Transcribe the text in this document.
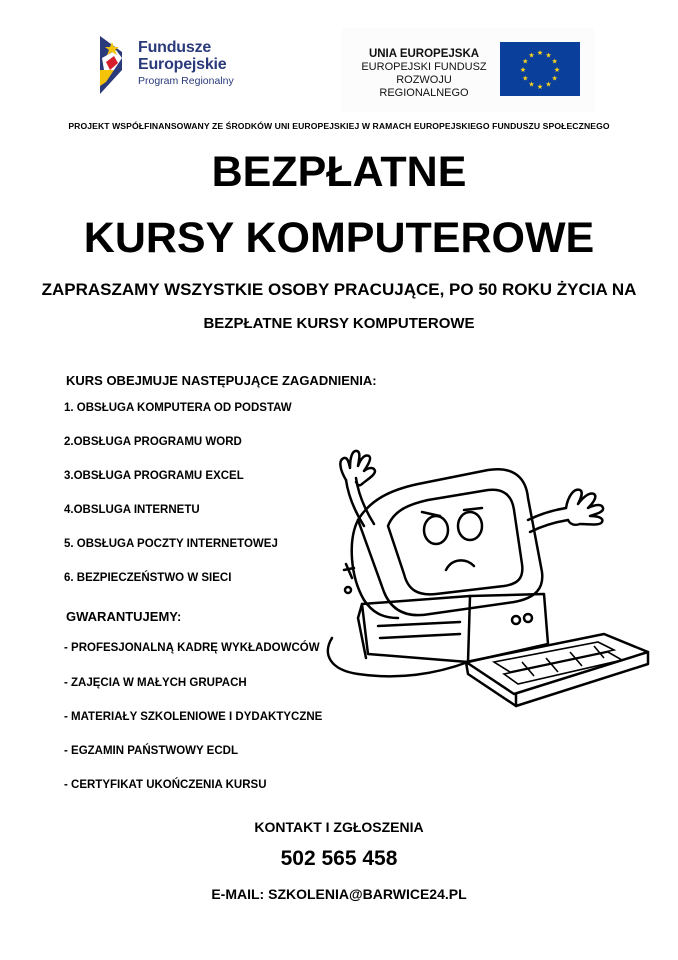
Fundusze
Europejskie
Program Regionalny
UNIA EUROPEJSKA
EUROPEJSKI FUNDUSZ
ROZWOJU REGIONALNEGO
★ ★
★
★
★
★
★
★
★
★
★
★
PROJEKT WSPÓŁFINANSOWANY ZE ŚRODKÓW UNI EUROPEJSKIEJ W RAMACH EUROPEJSKIEGO FUNDUSZU SPOŁECZNEGO
BEZPŁATNE
KURSY KOMPUTEROWE
ZAPRASZAMY WSZYSTKIE OSOBY PRACUJĄCE, PO 50 ROKU ŻYCIA NA
BEZPŁATNE KURSY KOMPUTEROWE
KURS OBEJMUJE NASTĘPUJĄCE ZAGADNIENIA:
1. OBSŁUGA KOMPUTERA OD PODSTAW
2.OBSŁUGA PROGRAMU WORD
3.OBSŁUGA PROGRAMU EXCEL
4.OBSLUGA INTERNETU
5. OBSŁUGA POCZTY INTERNETOWEJ
6. BEZPIECZEŃSTWO W SIECI
GWARANTUJEMY:
- PROFESJONALNĄ KADRĘ WYKŁADOWCÓW
- ZAJĘCIA W MAŁYCH GRUPACH
- MATERIAŁY SZKOLENIOWE I DYDAKTYCZNE
- EGZAMIN PAŃSTWOWY ECDL
- CERTYFIKAT UKOŃCZENIA KURSU
KONTAKT I ZGŁOSZENIA
502 565 458
E-MAIL: SZKOLENIA@BARWICE24.PL
